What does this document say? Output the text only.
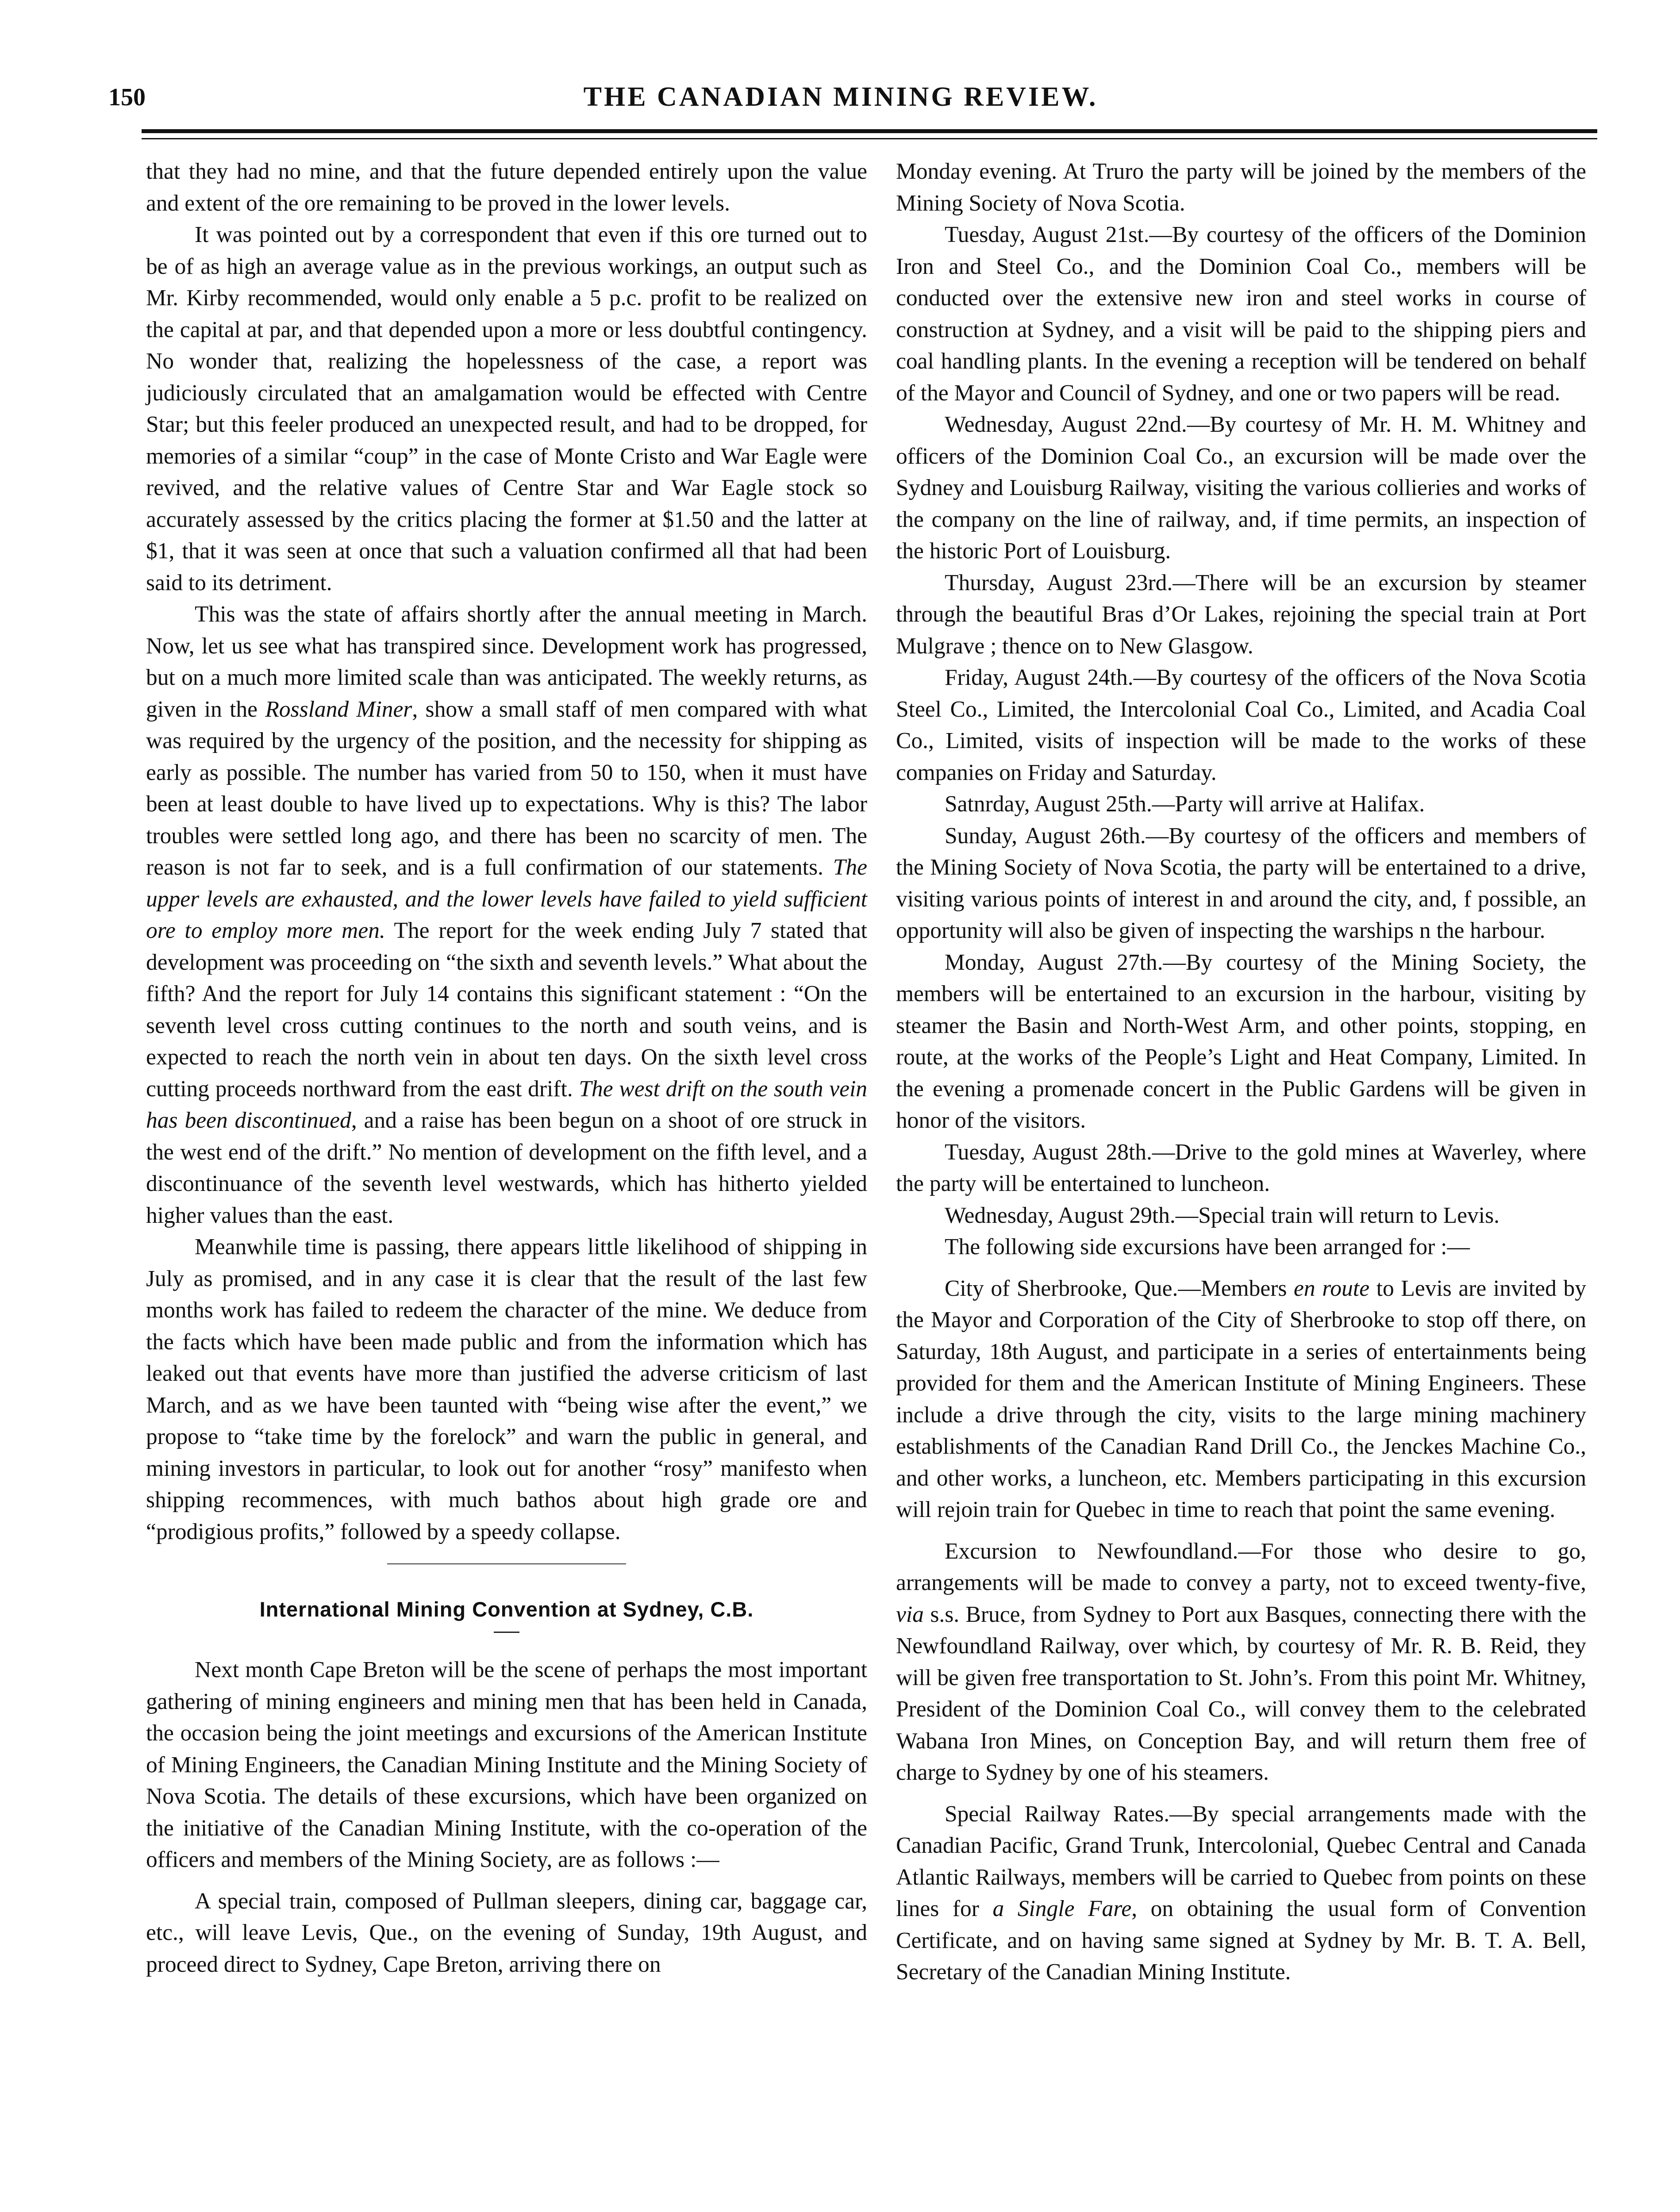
150	THE CANADIAN MINING REVIEW.

that they had no mine, and that the future depended entirely upon the value and extent of the ore remaining to be proved in the lower levels.

It was pointed out by a correspondent that even if this ore turned out to be of as high an average value as in the previous workings, an output such as Mr. Kirby recommended, would only enable a 5 p.c. profit to be realized on the capital at par, and that depended upon a more or less doubtful contingency. No wonder that, realizing the hopelessness of the case, a report was judiciously circulated that an amalgamation would be effected with Centre Star; but this feeler produced an unexpected result, and had to be dropped, for memories of a similar “coup” in the case of Monte Cristo and War Eagle were revived, and the relative values of Centre Star and War Eagle stock so accurately assessed by the critics placing the former at $1.50 and the latter at $1, that it was seen at once that such a valuation confirmed all that had been said to its detriment.

This was the state of affairs shortly after the annual meeting in March. Now, let us see what has transpired since. Development work has progressed, but on a much more limited scale than was anticipated. The weekly returns, as given in the Rossland Miner, show a small staff of men compared with what was required by the urgency of the position, and the necessity for shipping as early as possible. The number has varied from 50 to 150, when it must have been at least double to have lived up to expectations. Why is this? The labor troubles were settled long ago, and there has been no scarcity of men. The reason is not far to seek, and is a full confirmation of our statements. The upper levels are exhausted, and the lower levels have failed to yield sufficient ore to employ more men. The report for the week ending July 7 stated that development was proceeding on “the sixth and seventh levels.” What about the fifth? And the report for July 14 contains this significant statement : “On the seventh level cross cutting continues to the north and south veins, and is expected to reach the north vein in about ten days. On the sixth level cross cutting proceeds northward from the east drift. The west drift on the south vein has been discontinued, and a raise has been begun on a shoot of ore struck in the west end of the drift.” No mention of development on the fifth level, and a discontinuance of the seventh level westwards, which has hitherto yielded higher values than the east.

Meanwhile time is passing, there appears little likelihood of shipping in July as promised, and in any case it is clear that the result of the last few months work has failed to redeem the character of the mine. We deduce from the facts which have been made public and from the information which has leaked out that events have more than justified the adverse criticism of last March, and as we have been taunted with “being wise after the event,” we propose to “take time by the forelock” and warn the public in general, and mining investors in particular, to look out for another “rosy” manifesto when shipping recommences, with much bathos about high grade ore and “prodigious profits,” followed by a speedy collapse.

International Mining Convention at Sydney, C.B.

Next month Cape Breton will be the scene of perhaps the most important gathering of mining engineers and mining men that has been held in Canada, the occasion being the joint meetings and excursions of the American Institute of Mining Engineers, the Canadian Mining Institute and the Mining Society of Nova Scotia. The details of these excursions, which have been organized on the initiative of the Canadian Mining Institute, with the co-operation of the officers and members of the Mining Society, are as follows :—

A special train, composed of Pullman sleepers, dining car, baggage car, etc., will leave Levis, Que., on the evening of Sunday, 19th August, and proceed direct to Sydney, Cape Breton, arriving there on

Monday evening. At Truro the party will be joined by the members of the Mining Society of Nova Scotia.

Tuesday, August 21st.—By courtesy of the officers of the Dominion Iron and Steel Co., and the Dominion Coal Co., members will be conducted over the extensive new iron and steel works in course of construction at Sydney, and a visit will be paid to the shipping piers and coal handling plants. In the evening a reception will be tendered on behalf of the Mayor and Council of Sydney, and one or two papers will be read.

Wednesday, August 22nd.—By courtesy of Mr. H. M. Whitney and officers of the Dominion Coal Co., an excursion will be made over the Sydney and Louisburg Railway, visiting the various collieries and works of the company on the line of railway, and, if time permits, an inspection of the historic Port of Louisburg.

Thursday, August 23rd.—There will be an excursion by steamer through the beautiful Bras d’Or Lakes, rejoining the special train at Port Mulgrave ; thence on to New Glasgow.

Friday, August 24th.—By courtesy of the officers of the Nova Scotia Steel Co., Limited, the Intercolonial Coal Co., Limited, and Acadia Coal Co., Limited, visits of inspection will be made to the works of these companies on Friday and Saturday.

Satnrday, August 25th.—Party will arrive at Halifax.

Sunday, August 26th.—By courtesy of the officers and members of the Mining Society of Nova Scotia, the party will be entertained to a drive, visiting various points of interest in and around the city, and, f possible, an opportunity will also be given of inspecting the warships n the harbour.

Monday, August 27th.—By courtesy of the Mining Society, the members will be entertained to an excursion in the harbour, visiting by steamer the Basin and North-West Arm, and other points, stopping, en route, at the works of the People’s Light and Heat Company, Limited. In the evening a promenade concert in the Public Gardens will be given in honor of the visitors.

Tuesday, August 28th.—Drive to the gold mines at Waverley, where the party will be entertained to luncheon.

Wednesday, August 29th.—Special train will return to Levis.

The following side excursions have been arranged for :—

City of Sherbrooke, Que.—Members en route to Levis are invited by the Mayor and Corporation of the City of Sherbrooke to stop off there, on Saturday, 18th August, and participate in a series of entertainments being provided for them and the American Institute of Mining Engineers. These include a drive through the city, visits to the large mining machinery establishments of the Canadian Rand Drill Co., the Jenckes Machine Co., and other works, a luncheon, etc. Members participating in this excursion will rejoin train for Quebec in time to reach that point the same evening.

Excursion to Newfoundland.—For those who desire to go, arrangements will be made to convey a party, not to exceed twenty-five, via s.s. Bruce, from Sydney to Port aux Basques, connecting there with the Newfoundland Railway, over which, by courtesy of Mr. R. B. Reid, they will be given free transportation to St. John’s. From this point Mr. Whitney, President of the Dominion Coal Co., will convey them to the celebrated Wabana Iron Mines, on Conception Bay, and will return them free of charge to Sydney by one of his steamers.

Special Railway Rates.—By special arrangements made with the Canadian Pacific, Grand Trunk, Intercolonial, Quebec Central and Canada Atlantic Railways, members will be carried to Quebec from points on these lines for a Single Fare, on obtaining the usual form of Convention Certificate, and on having same signed at Sydney by Mr. B. T. A. Bell, Secretary of the Canadian Mining Institute.
